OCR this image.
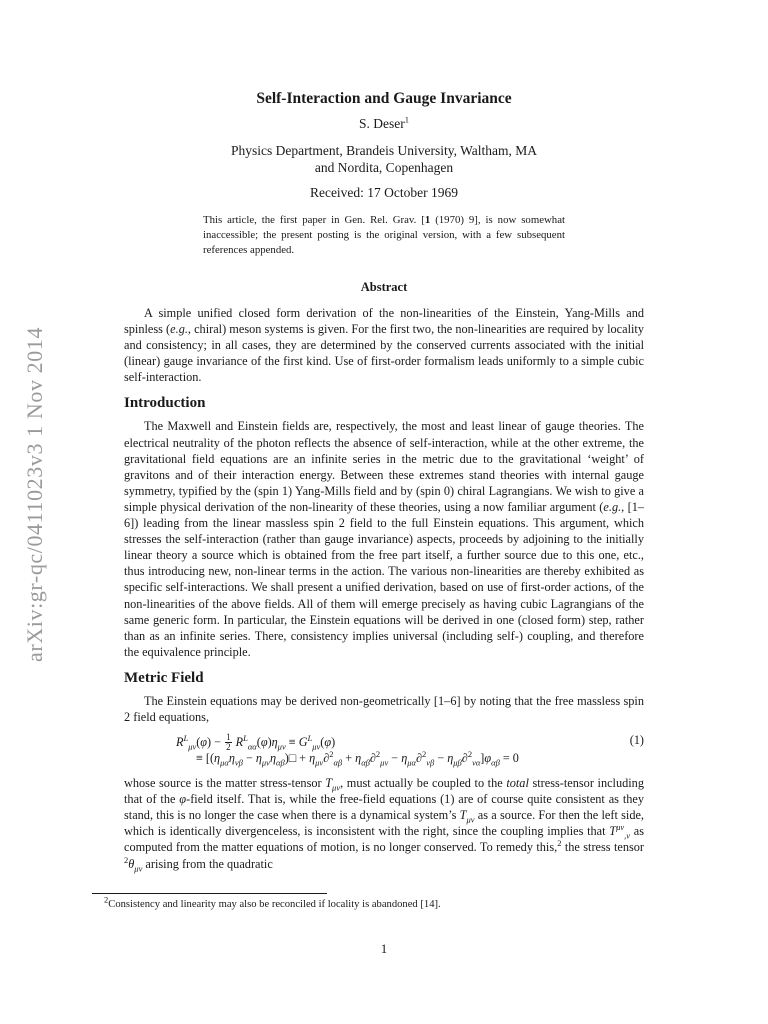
arXiv:gr-qc/0411023v3 1 Nov 2014
Self-Interaction and Gauge Invariance
S. Deser$^1$
Physics Department, Brandeis University, Waltham, MA
and Nordita, Copenhagen
Received: 17 October 1969
This article, the first paper in Gen. Rel. Grav. [1 (1970) 9], is now somewhat inaccessible; the present posting is the original version, with a few subsequent references appended.
Abstract

A simple unified closed form derivation of the non-linearities of the Einstein, Yang-Mills and spinless (e.g., chiral) meson systems is given. For the first two, the non-linearities are required by locality and consistency; in all cases, they are determined by the conserved currents associated with the initial (linear) gauge invariance of the first kind. Use of first-order formalism leads uniformly to a simple cubic self-interaction.

Introduction

The Maxwell and Einstein fields are, respectively, the most and least linear of gauge theories. The electrical neutrality of the photon reflects the absence of self-interaction, while at the other extreme, the gravitational field equations are an infinite series in the metric due to the gravitational ‘weight’ of gravitons and of their interaction energy. Between these extremes stand theories with internal gauge symmetry, typified by the (spin 1) Yang-Mills field and by (spin 0) chiral Lagrangians. We wish to give a simple physical derivation of the non-linearity of these theories, using a now familiar argument (e.g., [1–6]) leading from the linear massless spin 2 field to the full Einstein equations. This argument, which stresses the self-interaction (rather than gauge invariance) aspects, proceeds by adjoining to the initially linear theory a source which is obtained from the free part itself, a further source due to this one, etc., thus introducing new, non-linear terms in the action. The various non-linearities are thereby exhibited as specific self-interactions. We shall present a unified derivation, based on use of first-order actions, of the non-linearities of the above fields. All of them will emerge precisely as having cubic Lagrangians of the same generic form. In particular, the Einstein equations will be derived in one (closed form) step, rather than as an infinite series. There, consistency implies universal (including self-) coupling, and therefore the equivalence principle.

Metric Field

The Einstein equations may be derived non-geometrically [1–6] by noting that the free massless spin 2 field equations,

$R^L_{\mu\nu}(\varphi) - \frac{1}{2} R^L_{\alpha\alpha}(\varphi)\eta_{\mu\nu} \equiv G^L_{\mu\nu}(\varphi)$
≡ [($\eta_{\mu\alpha}\eta_{\nu\beta}$ − $\eta_{\mu\nu}\eta_{\alpha\beta})□ + \eta_{\mu\nu}\partial^2_{\alpha\beta} + \eta_{\alpha\beta}\partial^2_{\mu\nu} - \eta_{\mu\alpha}\partial^2_{\nu\beta} - \eta_{\mu\beta}\partial^2_{\nu\alpha}]\varphi_{\alpha\beta} = 0$
(1)

whose source is the matter stress-tensor $T_{\mu\nu}$, must actually be coupled to the total stress-tensor including that of the φ-field itself. That is, while the free-field equations (1) are of course quite consistent as they stand, this is no longer the case when there is a dynamical system’s $T_{\mu\nu}$ as a source. For then the left side, which is identically divergenceless, is inconsistent with the right, since the coupling implies that $T^{\mu\nu}_{,\nu}$ as computed from the matter equations of motion, is no longer conserved. To remedy this,$^2$ the stress tensor $^2\theta_{\mu\nu}$ arising from the quadratic

$^2$Consistency and linearity may also be reconciled if locality is abandoned [14].
1
